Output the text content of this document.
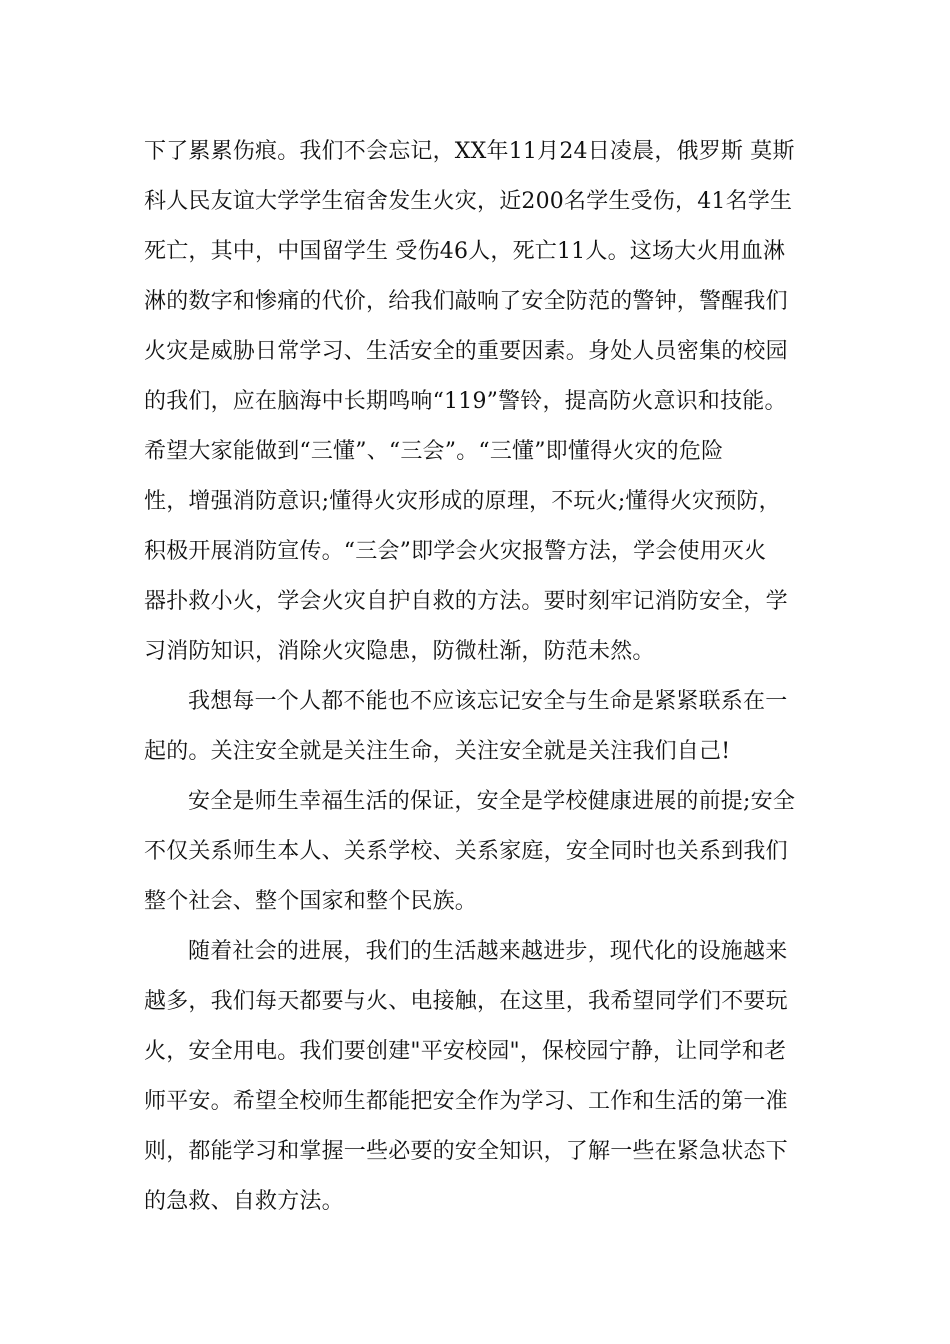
下了累累伤痕。我们不会忘记，XX年11月24日凌晨，俄罗斯 莫斯
科人民友谊大学学生宿舍发生火灾，近200名学生受伤，41名学生
死亡，其中，中国留学生 受伤46人，死亡11人。这场大火用血淋
淋的数字和惨痛的代价，给我们敲响了安全防范的警钟，警醒我们
火灾是威胁日常学习、生活安全的重要因素。身处人员密集的校园
的我们，应在脑海中长期鸣响“119”警铃，提高防火意识和技能。
希望大家能做到“三懂”、“三会”。“三懂”即懂得火灾的危险
性，增强消防意识;懂得火灾形成的原理，不玩火;懂得火灾预防，
积极开展消防宣传。“三会”即学会火灾报警方法，学会使用灭火
器扑救小火，学会火灾自护自救的方法。要时刻牢记消防安全，学
习消防知识，消除火灾隐患，防微杜渐，防范未然。
我想每一个人都不能也不应该忘记安全与生命是紧紧联系在一
起的。关注安全就是关注生命，关注安全就是关注我们自己!
安全是师生幸福生活的保证，安全是学校健康进展的前提;安全
不仅关系师生本人、关系学校、关系家庭，安全同时也关系到我们
整个社会、整个国家和整个民族。
随着社会的进展，我们的生活越来越进步，现代化的设施越来
越多，我们每天都要与火、电接触，在这里，我希望同学们不要玩
火，安全用电。我们要创建"平安校园"，保校园宁静，让同学和老
师平安。希望全校师生都能把安全作为学习、工作和生活的第一准
则，都能学习和掌握一些必要的安全知识，了解一些在紧急状态下
的急救、自救方法。
